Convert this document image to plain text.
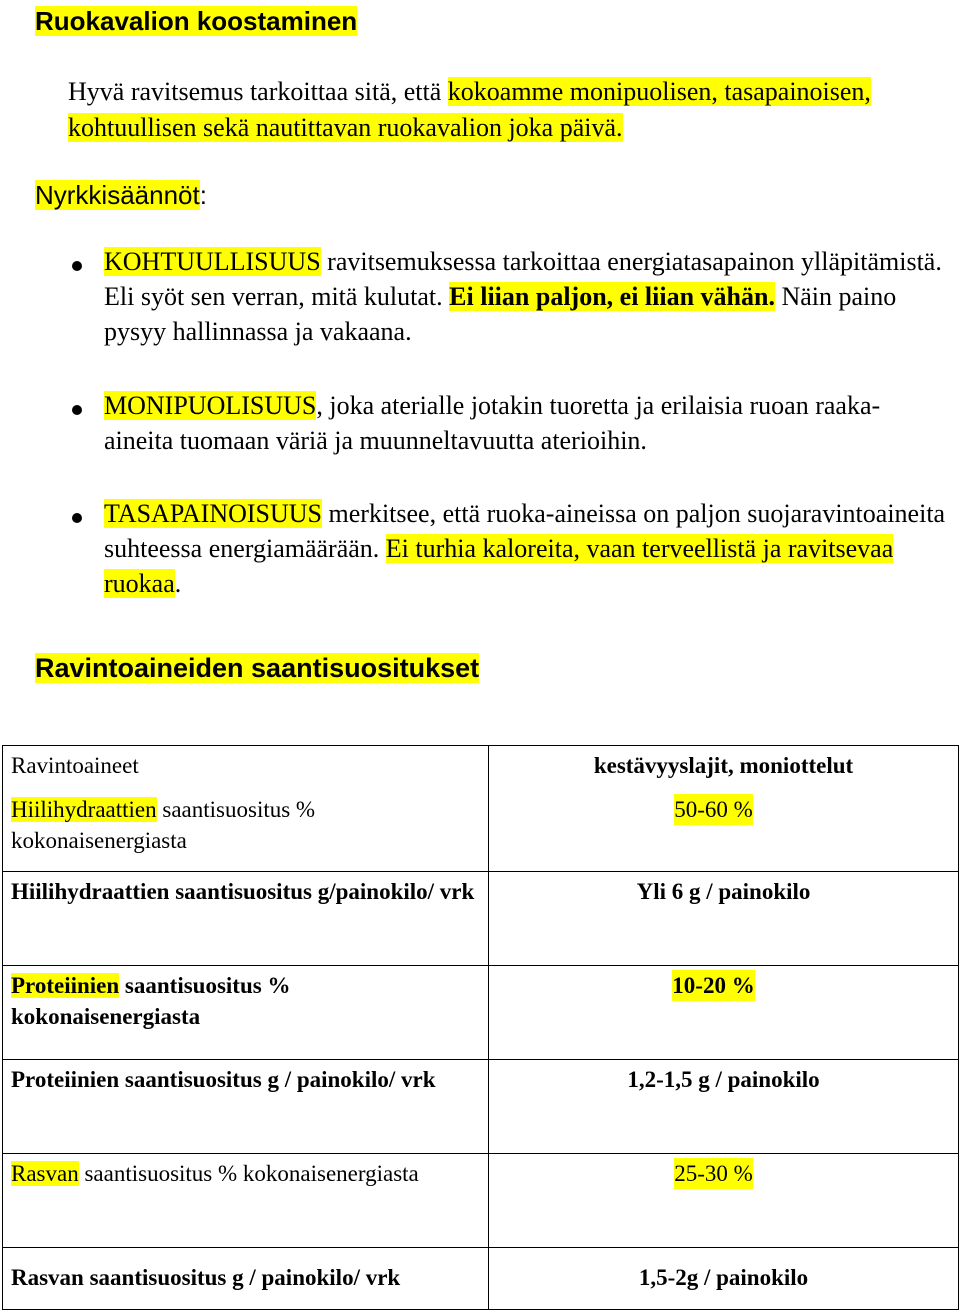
Ruokavalion koostaminen

Hyvä ravitsemus tarkoittaa sitä, että kokoamme monipuolisen, tasapainoisen, kohtuullisen sekä nautittavan ruokavalion joka päivä.

Nyrkkisäännöt:

KOHTUULLISUUS ravitsemuksessa tarkoittaa energiatasapainon ylläpitämistä. Eli syöt sen verran, mitä kulutat. Ei liian paljon, ei liian vähän. Näin paino pysyy hallinnassa ja vakaana.

MONIPUOLISUUS, joka aterialle jotakin tuoretta ja erilaisia ruoan raaka-aineita tuomaan väriä ja muunneltavuutta aterioihin.

TASAPAINOISUUS merkitsee, että ruoka-aineissa on paljon suojaravintoaineita suhteessa energiamäärään. Ei turhia kaloreita, vaan terveellistä ja ravitsevaa ruokaa.

Ravintoaineiden saantisuositukset
Ravintoaineet	kestävyyslajit, moniottelut
Hiilihydraattien saantisuositus % kokonaisenergiasta	50-60 %
Hiilihydraattien saantisuositus g/painokilo/ vrk	Yli 6 g / painokilo
Proteiinien saantisuositus % kokonaisenergiasta	10-20 %
Proteiinien saantisuositus g / painokilo/ vrk	1,2-1,5 g / painokilo
Rasvan saantisuositus % kokonaisenergiasta	25-30 %
Rasvan saantisuositus g / painokilo/ vrk	1,5-2g / painokilo
